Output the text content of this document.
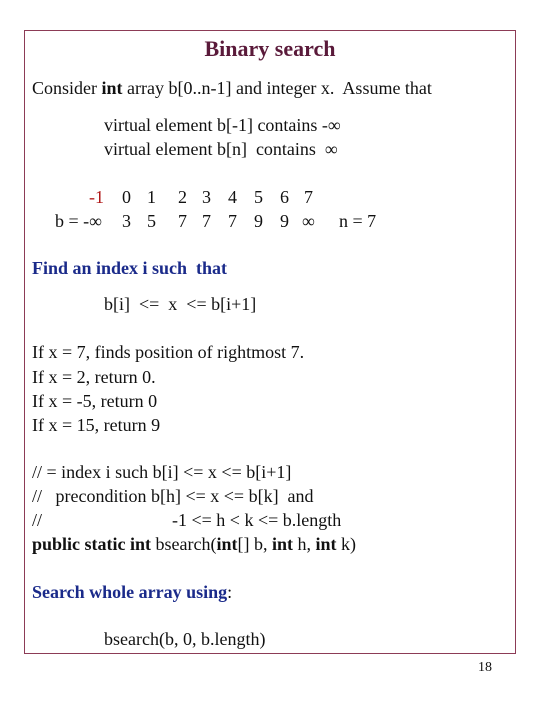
Binary search
Consider int array b[0..n-1] and integer x.  Assume that
virtual element b[-1] contains -∞
virtual element b[n]  contains  ∞
-1 0 1 2 3 4 5 6 7
b = -∞ 3 5 7 7 7 9 9 ∞ n = 7
Find an index i such  that
b[i]  <=  x  <= b[i+1]
If x = 7, finds position of rightmost 7.
If x = 2, return 0.
If x = -5, return 0
If x = 15, return 9
// = index i such b[i] <= x <= b[i+1]
//   precondition b[h] <= x <= b[k]  and
//	-1 <= h < k <= b.length
public static int bsearch(int[] b, int h, int k)
Search whole array using:
bsearch(b, 0, b.length)
18
